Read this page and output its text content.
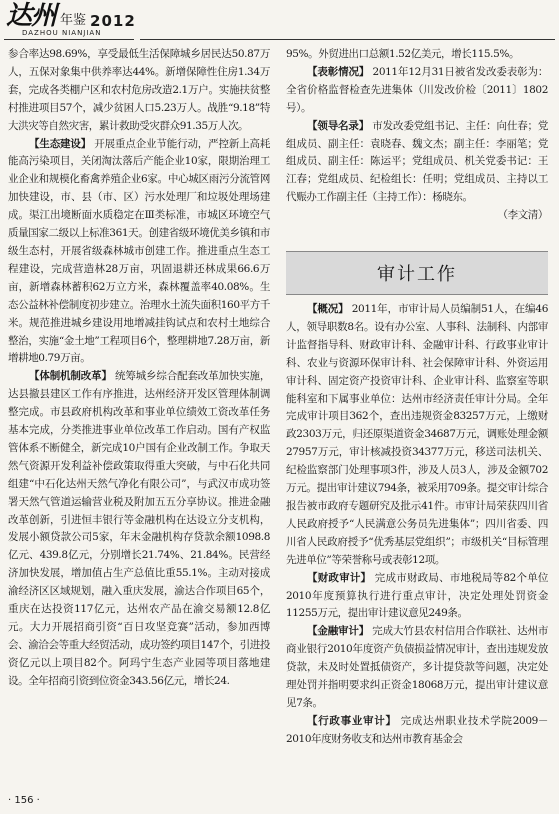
达州 年鉴 2012
DAZHOU NIANJIAN

参合率达98.69%，享受最低生活保障城乡居民达50.87万人，五保对象集中供养率达44%。新增保障性住房1.34万套，完成各类棚户区和农村危房改造2.1万户。实施扶贫整村推进项目57个，减少贫困人口5.23万人。战胜“9.18”特大洪灾等自然灾害，累计救助受灾群众91.35万人次。

【生态建设】 开展重点企业节能行动，严控新上高耗能高污染项目，关闭淘汰落后产能企业10家，限期治理工业企业和规模化畜禽养殖企业6家。中心城区雨污分流管网加快建设，市、县（市、区）污水处理厂和垃圾处理场建成。渠江出境断面水质稳定在Ⅲ类标准，市城区环境空气质量国家二级以上标准361天。创建省级环境优美乡镇和市级生态村，开展省级森林城市创建工作。推进重点生态工程建设，完成营造林28万亩，巩固退耕还林成果66.6万亩，新增森林蓄积62万立方米，森林覆盖率40.08%。生态公益林补偿制度初步建立。治理水土流失面积160平方千米。规范推进城乡建设用地增减挂钩试点和农村土地综合整治，实施“金土地”工程项目6个，整理耕地7.28万亩，新增耕地0.79万亩。

【体制机制改革】 统筹城乡综合配套改革加快实施，达县撤县建区工作有序推进，达州经济开发区管理体制调整完成。市县政府机构改革和事业单位绩效工资改革任务基本完成，分类推进事业单位改革工作启动。国有产权监管体系不断健全，新完成10户国有企业改制工作。争取天然气资源开发利益补偿政策取得重大突破，与中石化共同组建“中石化达州天然气净化有限公司”，与武汉市成功签署天然气管道运输营业税及附加五五分享协议。推进金融改革创新，引进恒丰银行等金融机构在达设立分支机构，发展小额贷款公司5家，年末金融机构存贷款余额1098.8亿元、439.8亿元，分别增长21.74%、21.84%。民营经济加快发展，增加值占生产总值比重55.1%。主动对接成渝经济区区域规划，融入重庆发展，渝达合作项目65个，重庆在达投资117亿元，达州农产品在渝交易额12.8亿元。大力开展招商引资“百日攻坚竞赛”活动，参加西博会、渝洽会等重大经贸活动，成功签约项目147个，引进投资亿元以上项目82个。阿玛宁生态产业园等项目落地建设。全年招商引资到位资金343.56亿元，增长24.

95%。外贸进出口总额1.52亿美元，增长115.5%。

【表彰情况】 2011年12月31日被省发改委表彰为：全省价格监督检查先进集体（川发改价检〔2011〕1802号）。

【领导名录】 市发改委党组书记、主任：向仕春；党组成员、副主任：袁晓春、魏文杰；副主任：李丽笔；党组成员、副主任：陈运平；党组成员、机关党委书记：王江春；党组成员、纪检组长：任明；党组成员、主持以工代赈办工作副主任（主持工作）：杨晓东。

（李文清）

审计工作

【概况】 2011年，市审计局人员编制51人，在编46人，领导职数8名。设有办公室、人事科、法制科、内部审计监督指导科、财政审计科、金融审计科、行政事业审计科、农业与资源环保审计科、社会保障审计科、外资运用审计科、固定资产投资审计科、企业审计科、监察室等职能科室和下属事业单位：达州市经济责任审计分局。全年完成审计项目362个，查出违规资金83257万元，上缴财政2303万元，归还原渠道资金34687万元，调账处理金额27957万元，审计核减投资34377万元，移送司法机关、纪检监察部门处理事项3件，涉及人员3人，涉及金额702万元。提出审计建议794条，被采用709条。提交审计综合报告被市政府专题研究及批示41件。市审计局荣获四川省人民政府授予“人民满意公务员先进集体”；四川省委、四川省人民政府授予“优秀基层党组织”；市级机关“目标管理先进单位”等荣誉称号或表彰12项。

【财政审计】 完成市财政局、市地税局等82个单位2010年度预算执行进行重点审计，决定处理处罚资金11255万元，提出审计建议意见249条。

【金融审计】 完成大竹县农村信用合作联社、达州市商业银行2010年度资产负债损益情况审计，查出违规发放贷款，未及时处置抵债资产，多计提贷款等问题，决定处理处罚并指明要求纠正资金18068万元，提出审计建议意见7条。

【行政事业审计】 完成达州职业技术学院2009－2010年度财务收支和达州市教育基金会

· 156 ·
